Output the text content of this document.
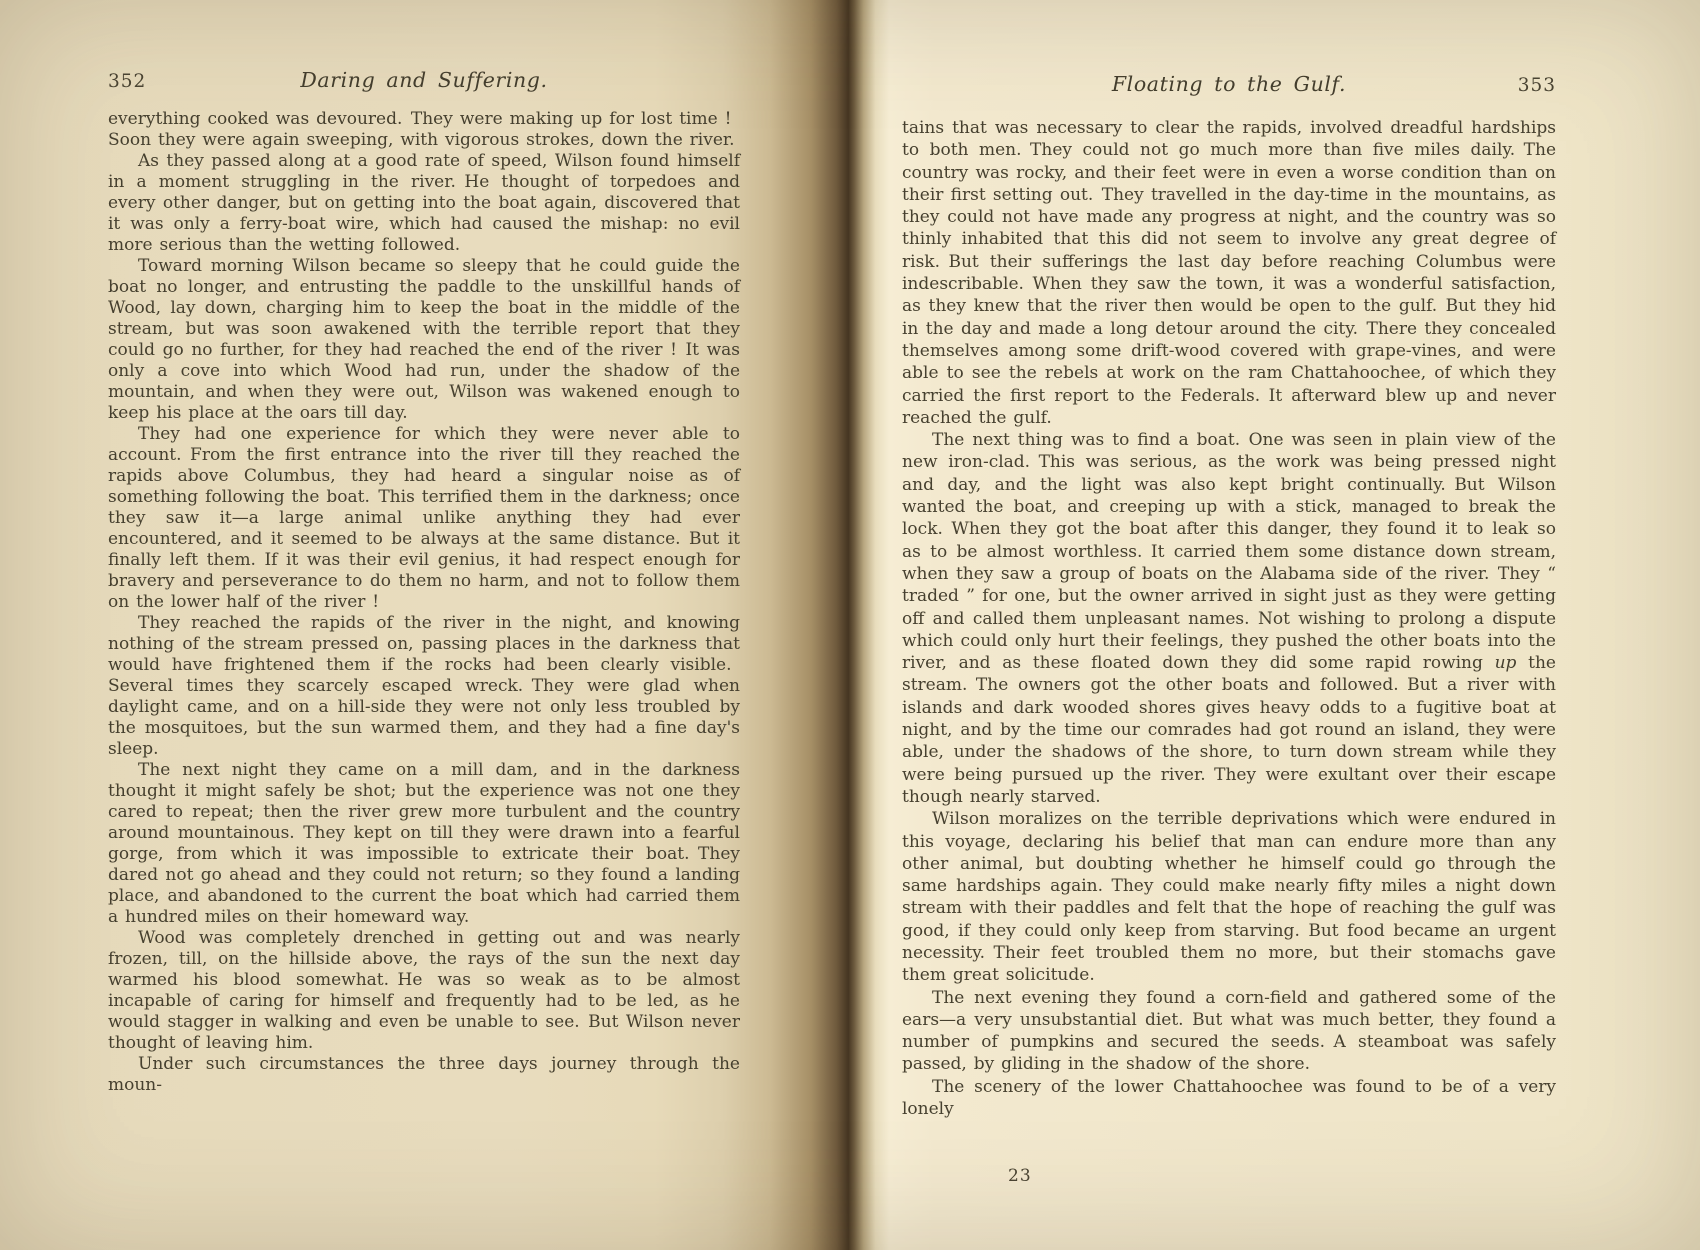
352	Daring and Suffering.

everything cooked was devoured. They were making up for lost time ! Soon they were again sweeping, with vigorous strokes, down the river.

As they passed along at a good rate of speed, Wilson found himself in a moment struggling in the river. He thought of torpedoes and every other danger, but on getting into the boat again, discovered that it was only a ferry-boat wire, which had caused the mishap: no evil more serious than the wetting followed.

Toward morning Wilson became so sleepy that he could guide the boat no longer, and entrusting the paddle to the unskillful hands of Wood, lay down, charging him to keep the boat in the middle of the stream, but was soon awakened with the terrible report that they could go no further, for they had reached the end of the river ! It was only a cove into which Wood had run, under the shadow of the mountain, and when they were out, Wilson was wakened enough to keep his place at the oars till day.

They had one experience for which they were never able to account. From the first entrance into the river till they reached the rapids above Columbus, they had heard a singular noise as of something following the boat. This terrified them in the darkness; once they saw it—a large animal unlike anything they had ever encountered, and it seemed to be always at the same distance. But it finally left them. If it was their evil genius, it had respect enough for bravery and perseverance to do them no harm, and not to follow them on the lower half of the river !

They reached the rapids of the river in the night, and knowing nothing of the stream pressed on, passing places in the darkness that would have frightened them if the rocks had been clearly visible. Several times they scarcely escaped wreck. They were glad when daylight came, and on a hill-side they were not only less troubled by the mosquitoes, but the sun warmed them, and they had a fine day's sleep.

The next night they came on a mill dam, and in the darkness thought it might safely be shot; but the experience was not one they cared to repeat; then the river grew more turbulent and the country around mountainous. They kept on till they were drawn into a fearful gorge, from which it was impossible to extricate their boat. They dared not go ahead and they could not return; so they found a landing place, and abandoned to the current the boat which had carried them a hundred miles on their homeward way.

Wood was completely drenched in getting out and was nearly frozen, till, on the hillside above, the rays of the sun the next day warmed his blood somewhat. He was so weak as to be almost incapable of caring for himself and frequently had to be led, as he would stagger in walking and even be unable to see. But Wilson never thought of leaving him.

Under such circumstances the three days journey through the moun-

Floating to the Gulf.	353

tains that was necessary to clear the rapids, involved dreadful hardships to both men. They could not go much more than five miles daily. The country was rocky, and their feet were in even a worse condition than on their first setting out. They travelled in the day-time in the mountains, as they could not have made any progress at night, and the country was so thinly inhabited that this did not seem to involve any great degree of risk. But their sufferings the last day before reaching Columbus were indescribable. When they saw the town, it was a wonderful satisfaction, as they knew that the river then would be open to the gulf. But they hid in the day and made a long detour around the city. There they concealed themselves among some drift-wood covered with grape-vines, and were able to see the rebels at work on the ram Chattahoochee, of which they carried the first report to the Federals. It afterward blew up and never reached the gulf.

The next thing was to find a boat. One was seen in plain view of the new iron-clad. This was serious, as the work was being pressed night and day, and the light was also kept bright continually. But Wilson wanted the boat, and creeping up with a stick, managed to break the lock. When they got the boat after this danger, they found it to leak so as to be almost worthless. It carried them some distance down stream, when they saw a group of boats on the Alabama side of the river. They “ traded ” for one, but the owner arrived in sight just as they were getting off and called them unpleasant names. Not wishing to prolong a dispute which could only hurt their feelings, they pushed the other boats into the river, and as these floated down they did some rapid rowing up the stream. The owners got the other boats and followed. But a river with islands and dark wooded shores gives heavy odds to a fugitive boat at night, and by the time our comrades had got round an island, they were able, under the shadows of the shore, to turn down stream while they were being pursued up the river. They were exultant over their escape though nearly starved.

Wilson moralizes on the terrible deprivations which were endured in this voyage, declaring his belief that man can endure more than any other animal, but doubting whether he himself could go through the same hardships again. They could make nearly fifty miles a night down stream with their paddles and felt that the hope of reaching the gulf was good, if they could only keep from starving. But food became an urgent necessity. Their feet troubled them no more, but their stomachs gave them great solicitude.

The next evening they found a corn-field and gathered some of the ears—a very unsubstantial diet. But what was much better, they found a number of pumpkins and secured the seeds. A steamboat was safely passed, by gliding in the shadow of the shore.

The scenery of the lower Chattahoochee was found to be of a very lonely

23
